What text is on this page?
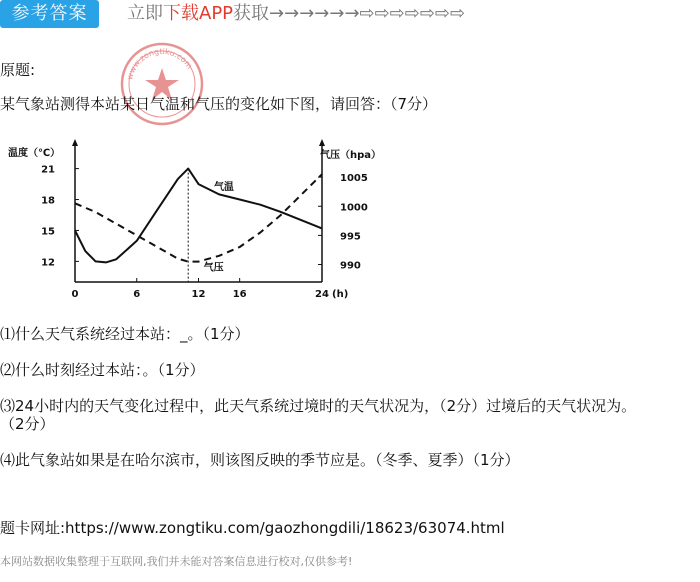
参考答案	立即下载APP获取→→→→→→⇨⇨⇨⇨⇨⇨⇨
www.zongtiku.com
原题:
某气象站测得本站某日气温和气压的变化如下图，请回答：（7分）
温度（℃）	气压（hpa）
0	6	12	16	24 (h)
12
15
18
21
990
995
1000
1005
气温
气压
⑴什么天气系统经过本站：_。（1分）
⑵什么时刻经过本站：。（1分）
⑶24小时内的天气变化过程中，此天气系统过境时的天气状况为，（2分）过境后的天气状况为。
（2分）
⑷此气象站如果是在哈尔滨市，则该图反映的季节应是。（冬季、夏季）（1分）
题卡网址:https://www.zongtiku.com/gaozhongdili/18623/63074.html
本网站数据收集整理于互联网,我们并未能对答案信息进行校对,仅供参考!
